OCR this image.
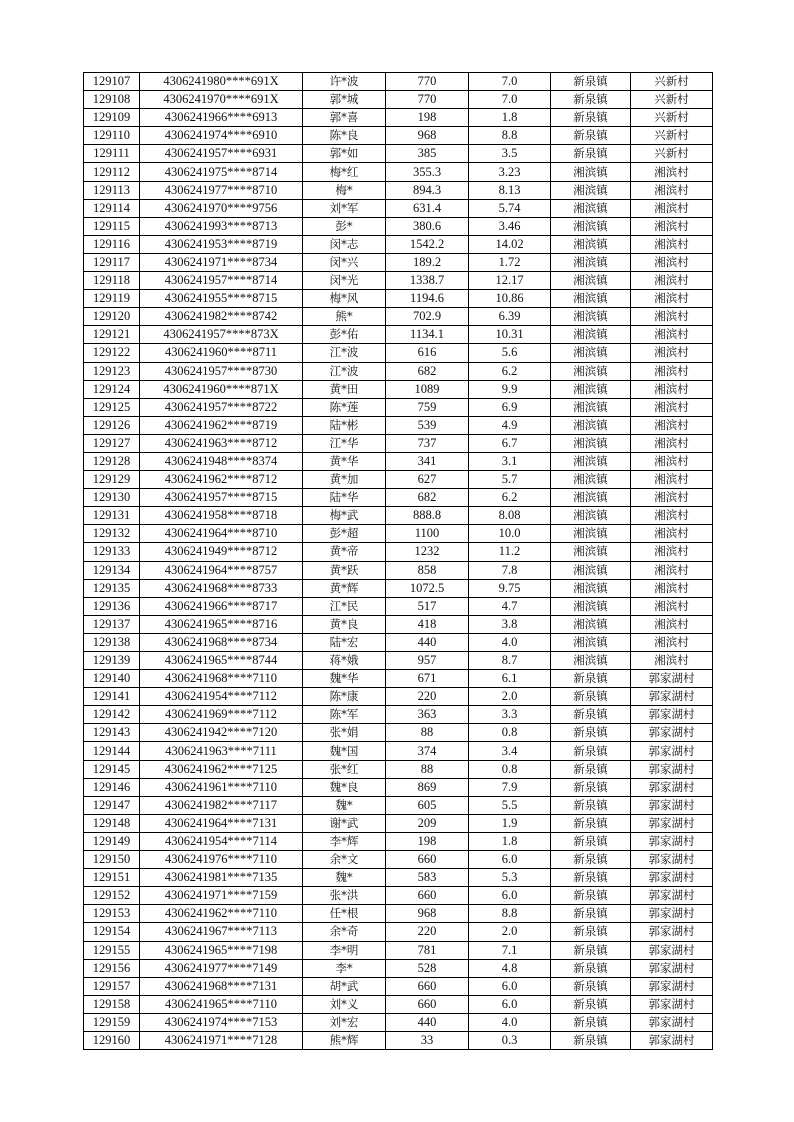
129107	4306241980****691X	许*波	770	7.0	新泉镇	兴新村
129108	4306241970****691X	郭*城	770	7.0	新泉镇	兴新村
129109	4306241966****6913	郭*喜	198	1.8	新泉镇	兴新村
129110	4306241974****6910	陈*良	968	8.8	新泉镇	兴新村
129111	4306241957****6931	郭*如	385	3.5	新泉镇	兴新村
129112	4306241975****8714	梅*红	355.3	3.23	湘滨镇	湘滨村
129113	4306241977****8710	梅*	894.3	8.13	湘滨镇	湘滨村
129114	4306241970****9756	刘*军	631.4	5.74	湘滨镇	湘滨村
129115	4306241993****8713	彭*	380.6	3.46	湘滨镇	湘滨村
129116	4306241953****8719	闵*志	1542.2	14.02	湘滨镇	湘滨村
129117	4306241971****8734	闵*兴	189.2	1.72	湘滨镇	湘滨村
129118	4306241957****8714	闵*光	1338.7	12.17	湘滨镇	湘滨村
129119	4306241955****8715	梅*风	1194.6	10.86	湘滨镇	湘滨村
129120	4306241982****8742	熊*	702.9	6.39	湘滨镇	湘滨村
129121	4306241957****873X	彭*佑	1134.1	10.31	湘滨镇	湘滨村
129122	4306241960****8711	江*波	616	5.6	湘滨镇	湘滨村
129123	4306241957****8730	江*波	682	6.2	湘滨镇	湘滨村
129124	4306241960****871X	黄*田	1089	9.9	湘滨镇	湘滨村
129125	4306241957****8722	陈*莲	759	6.9	湘滨镇	湘滨村
129126	4306241962****8719	陆*彬	539	4.9	湘滨镇	湘滨村
129127	4306241963****8712	江*华	737	6.7	湘滨镇	湘滨村
129128	4306241948****8374	黄*华	341	3.1	湘滨镇	湘滨村
129129	4306241962****8712	黄*加	627	5.7	湘滨镇	湘滨村
129130	4306241957****8715	陆*华	682	6.2	湘滨镇	湘滨村
129131	4306241958****8718	梅*武	888.8	8.08	湘滨镇	湘滨村
129132	4306241964****8710	彭*超	1100	10.0	湘滨镇	湘滨村
129133	4306241949****8712	黄*帝	1232	11.2	湘滨镇	湘滨村
129134	4306241964****8757	黄*跃	858	7.8	湘滨镇	湘滨村
129135	4306241968****8733	黄*辉	1072.5	9.75	湘滨镇	湘滨村
129136	4306241966****8717	江*民	517	4.7	湘滨镇	湘滨村
129137	4306241965****8716	黄*良	418	3.8	湘滨镇	湘滨村
129138	4306241968****8734	陆*宏	440	4.0	湘滨镇	湘滨村
129139	4306241965****8744	蒋*娥	957	8.7	湘滨镇	湘滨村
129140	4306241968****7110	魏*华	671	6.1	新泉镇	郭家湖村
129141	4306241954****7112	陈*康	220	2.0	新泉镇	郭家湖村
129142	4306241969****7112	陈*军	363	3.3	新泉镇	郭家湖村
129143	4306241942****7120	张*娟	88	0.8	新泉镇	郭家湖村
129144	4306241963****7111	魏*国	374	3.4	新泉镇	郭家湖村
129145	4306241962****7125	张*红	88	0.8	新泉镇	郭家湖村
129146	4306241961****7110	魏*良	869	7.9	新泉镇	郭家湖村
129147	4306241982****7117	魏*	605	5.5	新泉镇	郭家湖村
129148	4306241964****7131	谢*武	209	1.9	新泉镇	郭家湖村
129149	4306241954****7114	李*辉	198	1.8	新泉镇	郭家湖村
129150	4306241976****7110	余*文	660	6.0	新泉镇	郭家湖村
129151	4306241981****7135	魏*	583	5.3	新泉镇	郭家湖村
129152	4306241971****7159	张*洪	660	6.0	新泉镇	郭家湖村
129153	4306241962****7110	任*根	968	8.8	新泉镇	郭家湖村
129154	4306241967****7113	余*奇	220	2.0	新泉镇	郭家湖村
129155	4306241965****7198	李*明	781	7.1	新泉镇	郭家湖村
129156	4306241977****7149	李*	528	4.8	新泉镇	郭家湖村
129157	4306241968****7131	胡*武	660	6.0	新泉镇	郭家湖村
129158	4306241965****7110	刘*义	660	6.0	新泉镇	郭家湖村
129159	4306241974****7153	刘*宏	440	4.0	新泉镇	郭家湖村
129160	4306241971****7128	熊*辉	33	0.3	新泉镇	郭家湖村
